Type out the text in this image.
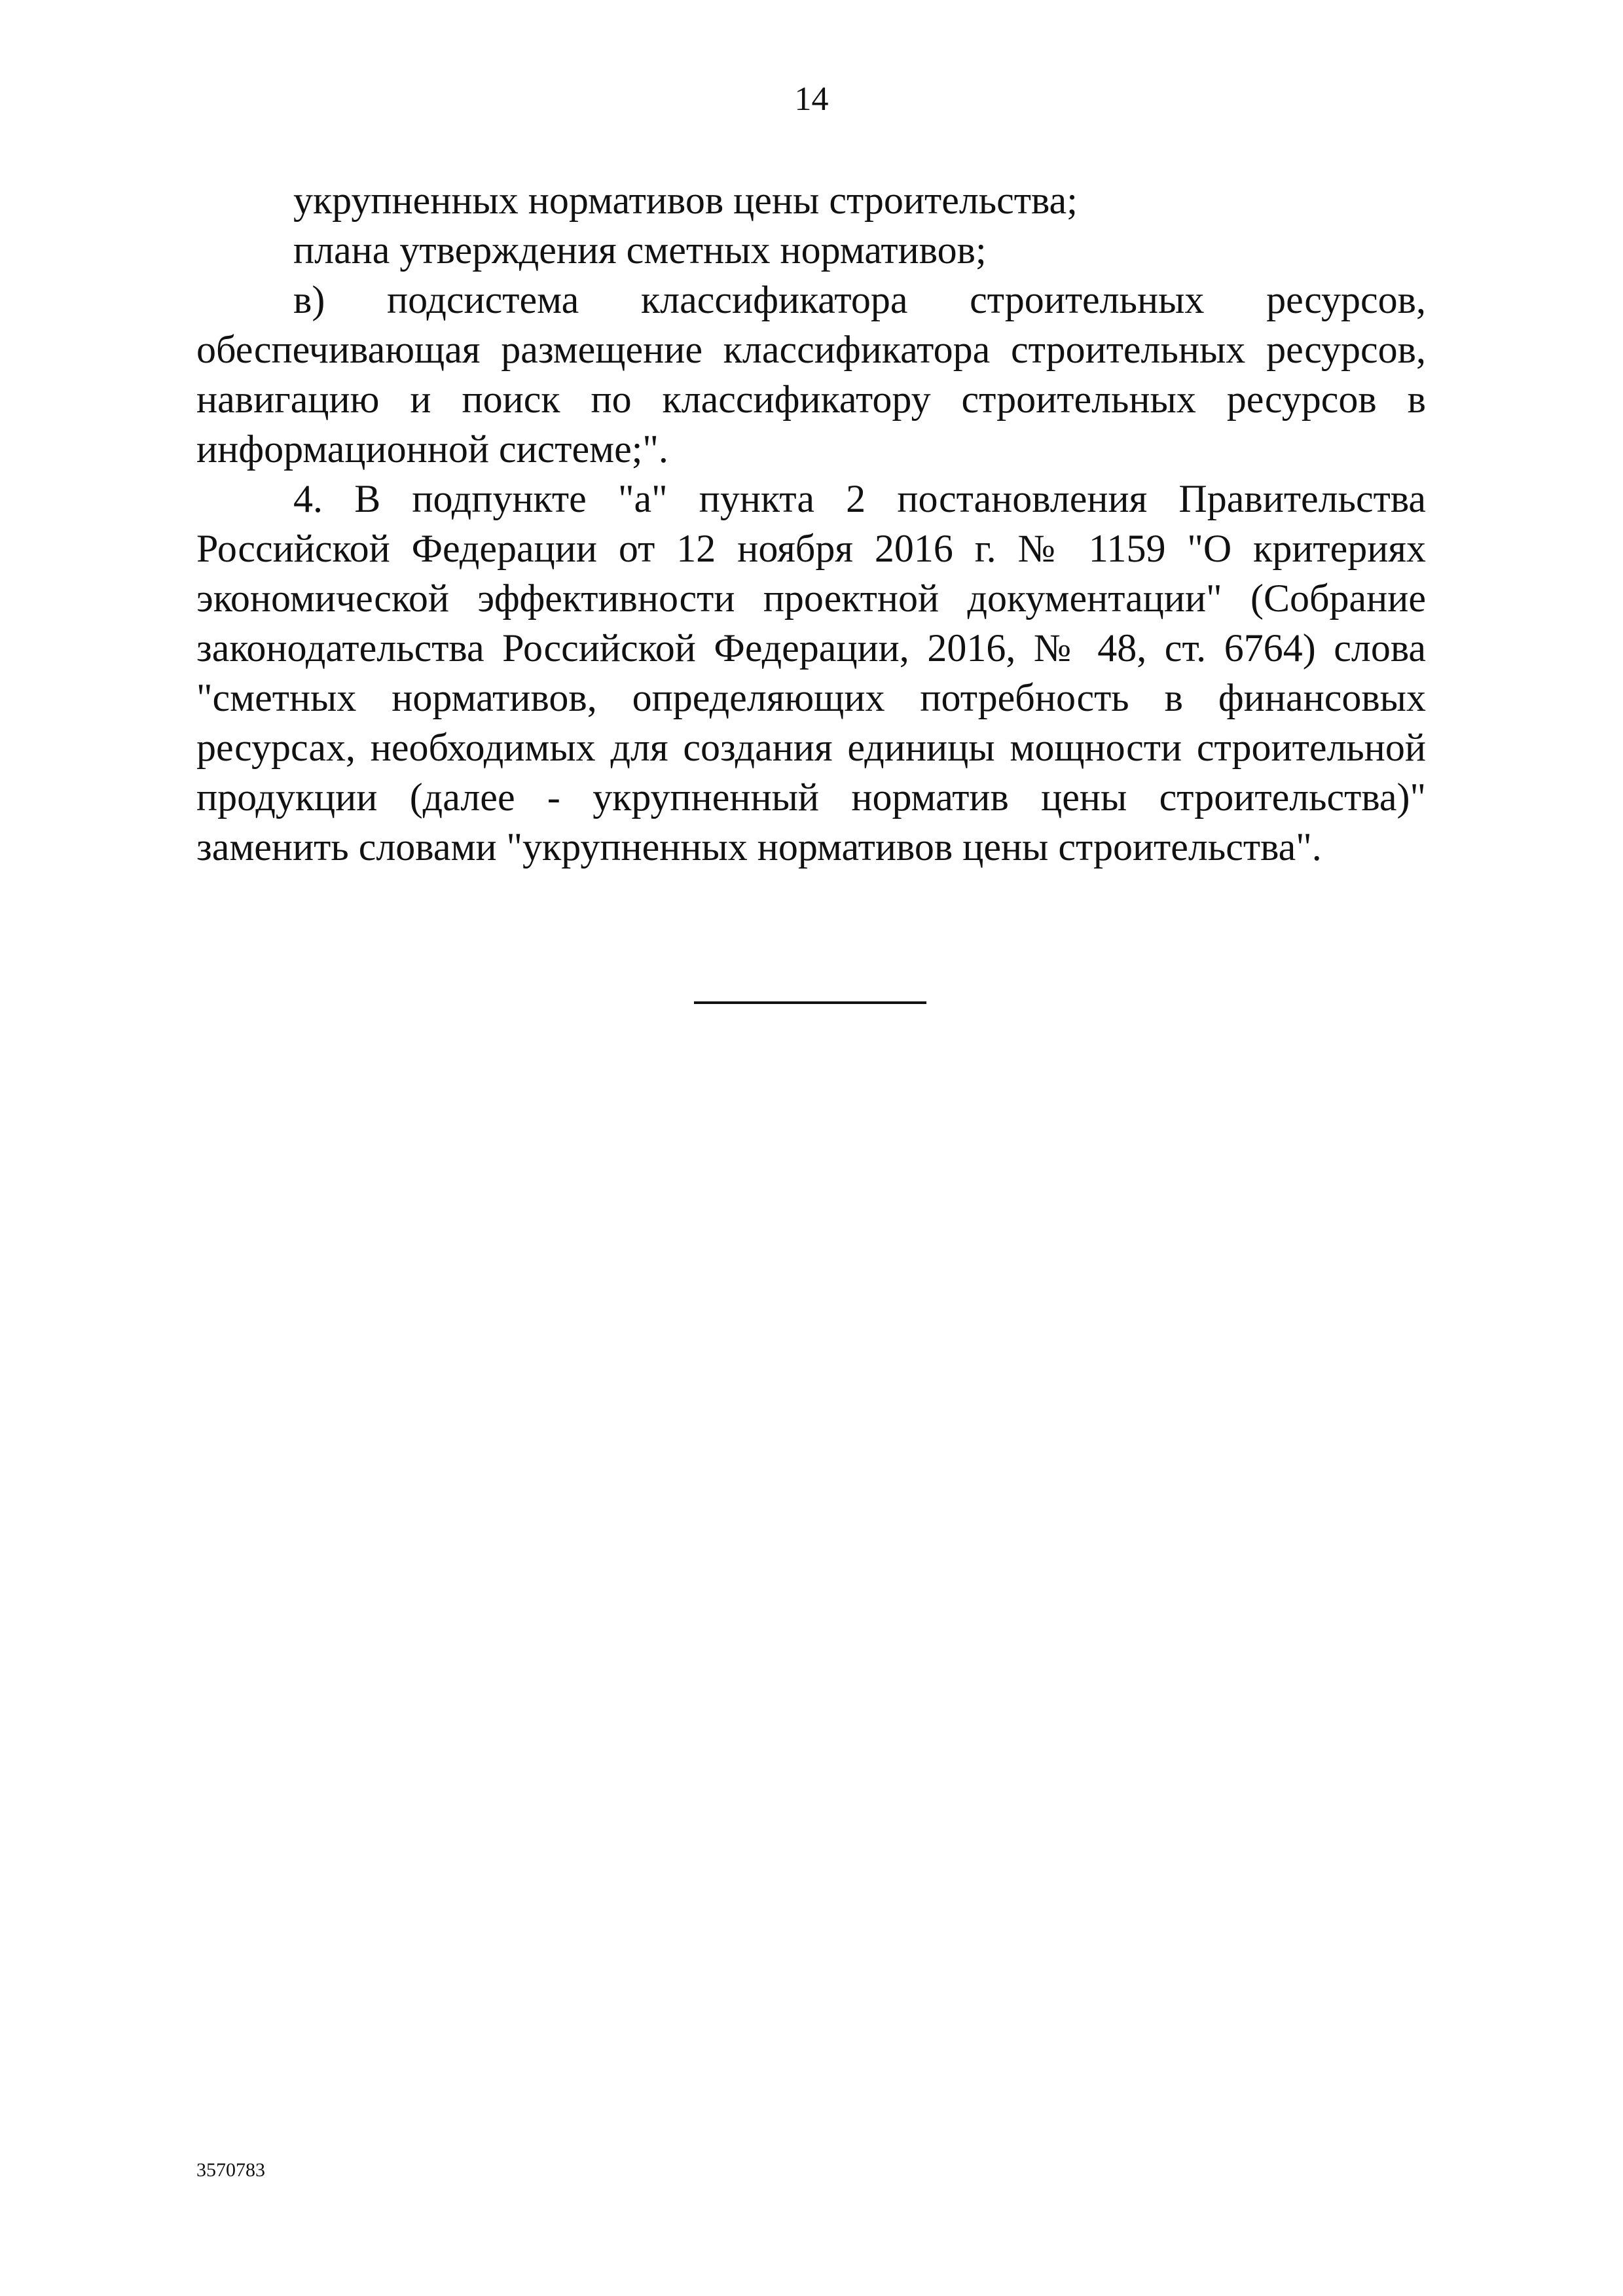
14

укрупненных нормативов цены строительства;

плана утверждения сметных нормативов;

в) подсистема классификатора строительных ресурсов, обеспечивающая размещение классификатора строительных ресурсов, навигацию и поиск по классификатору строительных ресурсов в информационной системе;".

4. В подпункте "а" пункта 2 постановления Правительства Российской Федерации от 12 ноября 2016 г. № 1159 "О критериях экономической эффективности проектной документации" (Собрание законодательства Российской Федерации, 2016, № 48, ст. 6764) слова "сметных нормативов, определяющих потребность в финансовых ресурсах, необходимых для создания единицы мощности строительной продукции (далее - укрупненный норматив цены строительства)" заменить словами "укрупненных нормативов цены строительства".

3570783
